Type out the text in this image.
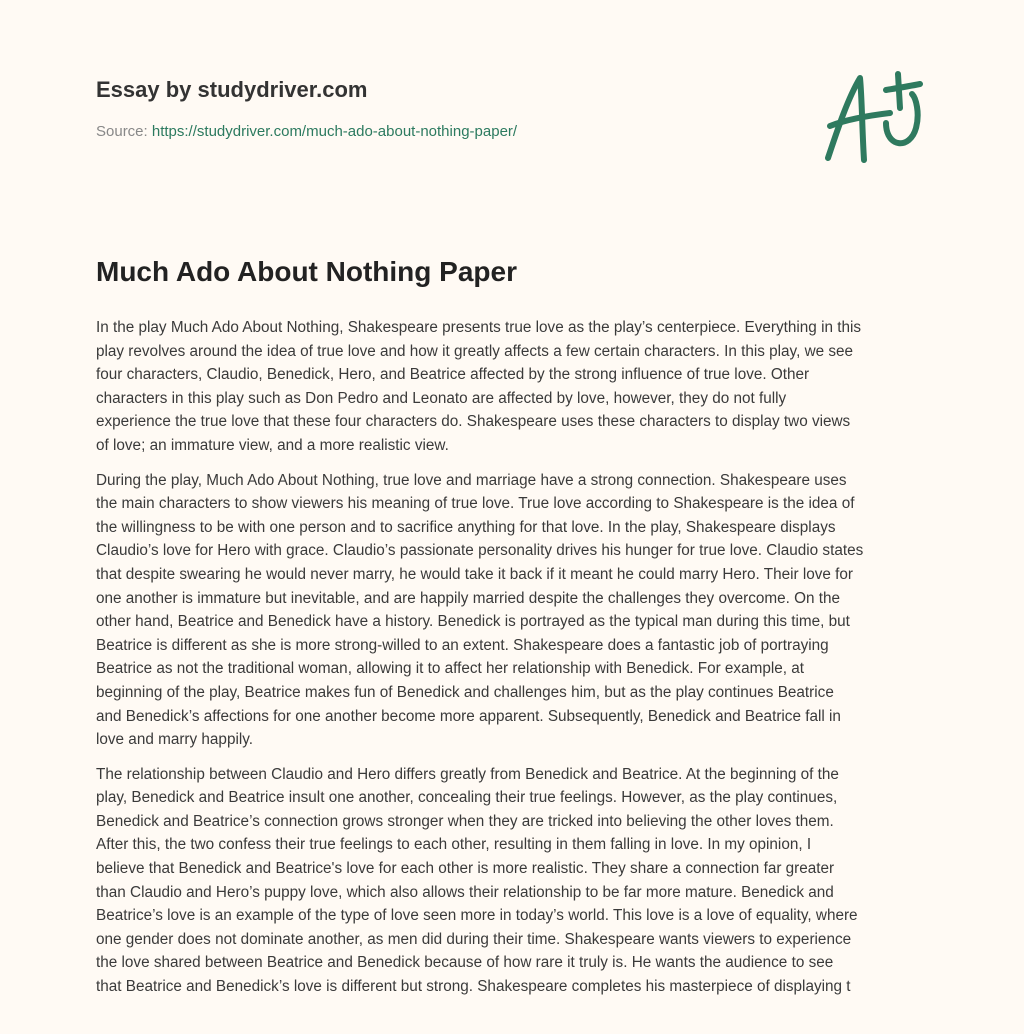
Essay by studydriver.com
Source: https://studydriver.com/much-ado-about-nothing-paper/
Much Ado About Nothing Paper

In the play Much Ado About Nothing, Shakespeare presents true love as the play’s centerpiece. Everything in this
play revolves around the idea of true love and how it greatly affects a few certain characters. In this play, we see
four characters, Claudio, Benedick, Hero, and Beatrice affected by the strong influence of true love. Other
characters in this play such as Don Pedro and Leonato are affected by love, however, they do not fully
experience the true love that these four characters do. Shakespeare uses these characters to display two views
of love; an immature view, and a more realistic view.

During the play, Much Ado About Nothing, true love and marriage have a strong connection. Shakespeare uses
the main characters to show viewers his meaning of true love. True love according to Shakespeare is the idea of
the willingness to be with one person and to sacrifice anything for that love. In the play, Shakespeare displays
Claudio’s love for Hero with grace. Claudio’s passionate personality drives his hunger for true love. Claudio states
that despite swearing he would never marry, he would take it back if it meant he could marry Hero. Their love for
one another is immature but inevitable, and are happily married despite the challenges they overcome. On the
other hand, Beatrice and Benedick have a history. Benedick is portrayed as the typical man during this time, but
Beatrice is different as she is more strong-willed to an extent. Shakespeare does a fantastic job of portraying
Beatrice as not the traditional woman, allowing it to affect her relationship with Benedick. For example, at
beginning of the play, Beatrice makes fun of Benedick and challenges him, but as the play continues Beatrice
and Benedick’s affections for one another become more apparent. Subsequently, Benedick and Beatrice fall in
love and marry happily.

The relationship between Claudio and Hero differs greatly from Benedick and Beatrice. At the beginning of the
play, Benedick and Beatrice insult one another, concealing their true feelings. However, as the play continues,
Benedick and Beatrice’s connection grows stronger when they are tricked into believing the other loves them.
After this, the two confess their true feelings to each other, resulting in them falling in love. In my opinion, I
believe that Benedick and Beatrice's love for each other is more realistic. They share a connection far greater
than Claudio and Hero’s puppy love, which also allows their relationship to be far more mature. Benedick and
Beatrice’s love is an example of the type of love seen more in today’s world. This love is a love of equality, where
one gender does not dominate another, as men did during their time. Shakespeare wants viewers to experience
the love shared between Beatrice and Benedick because of how rare it truly is. He wants the audience to see
that Beatrice and Benedick’s love is different but strong. Shakespeare completes his masterpiece of displaying t
